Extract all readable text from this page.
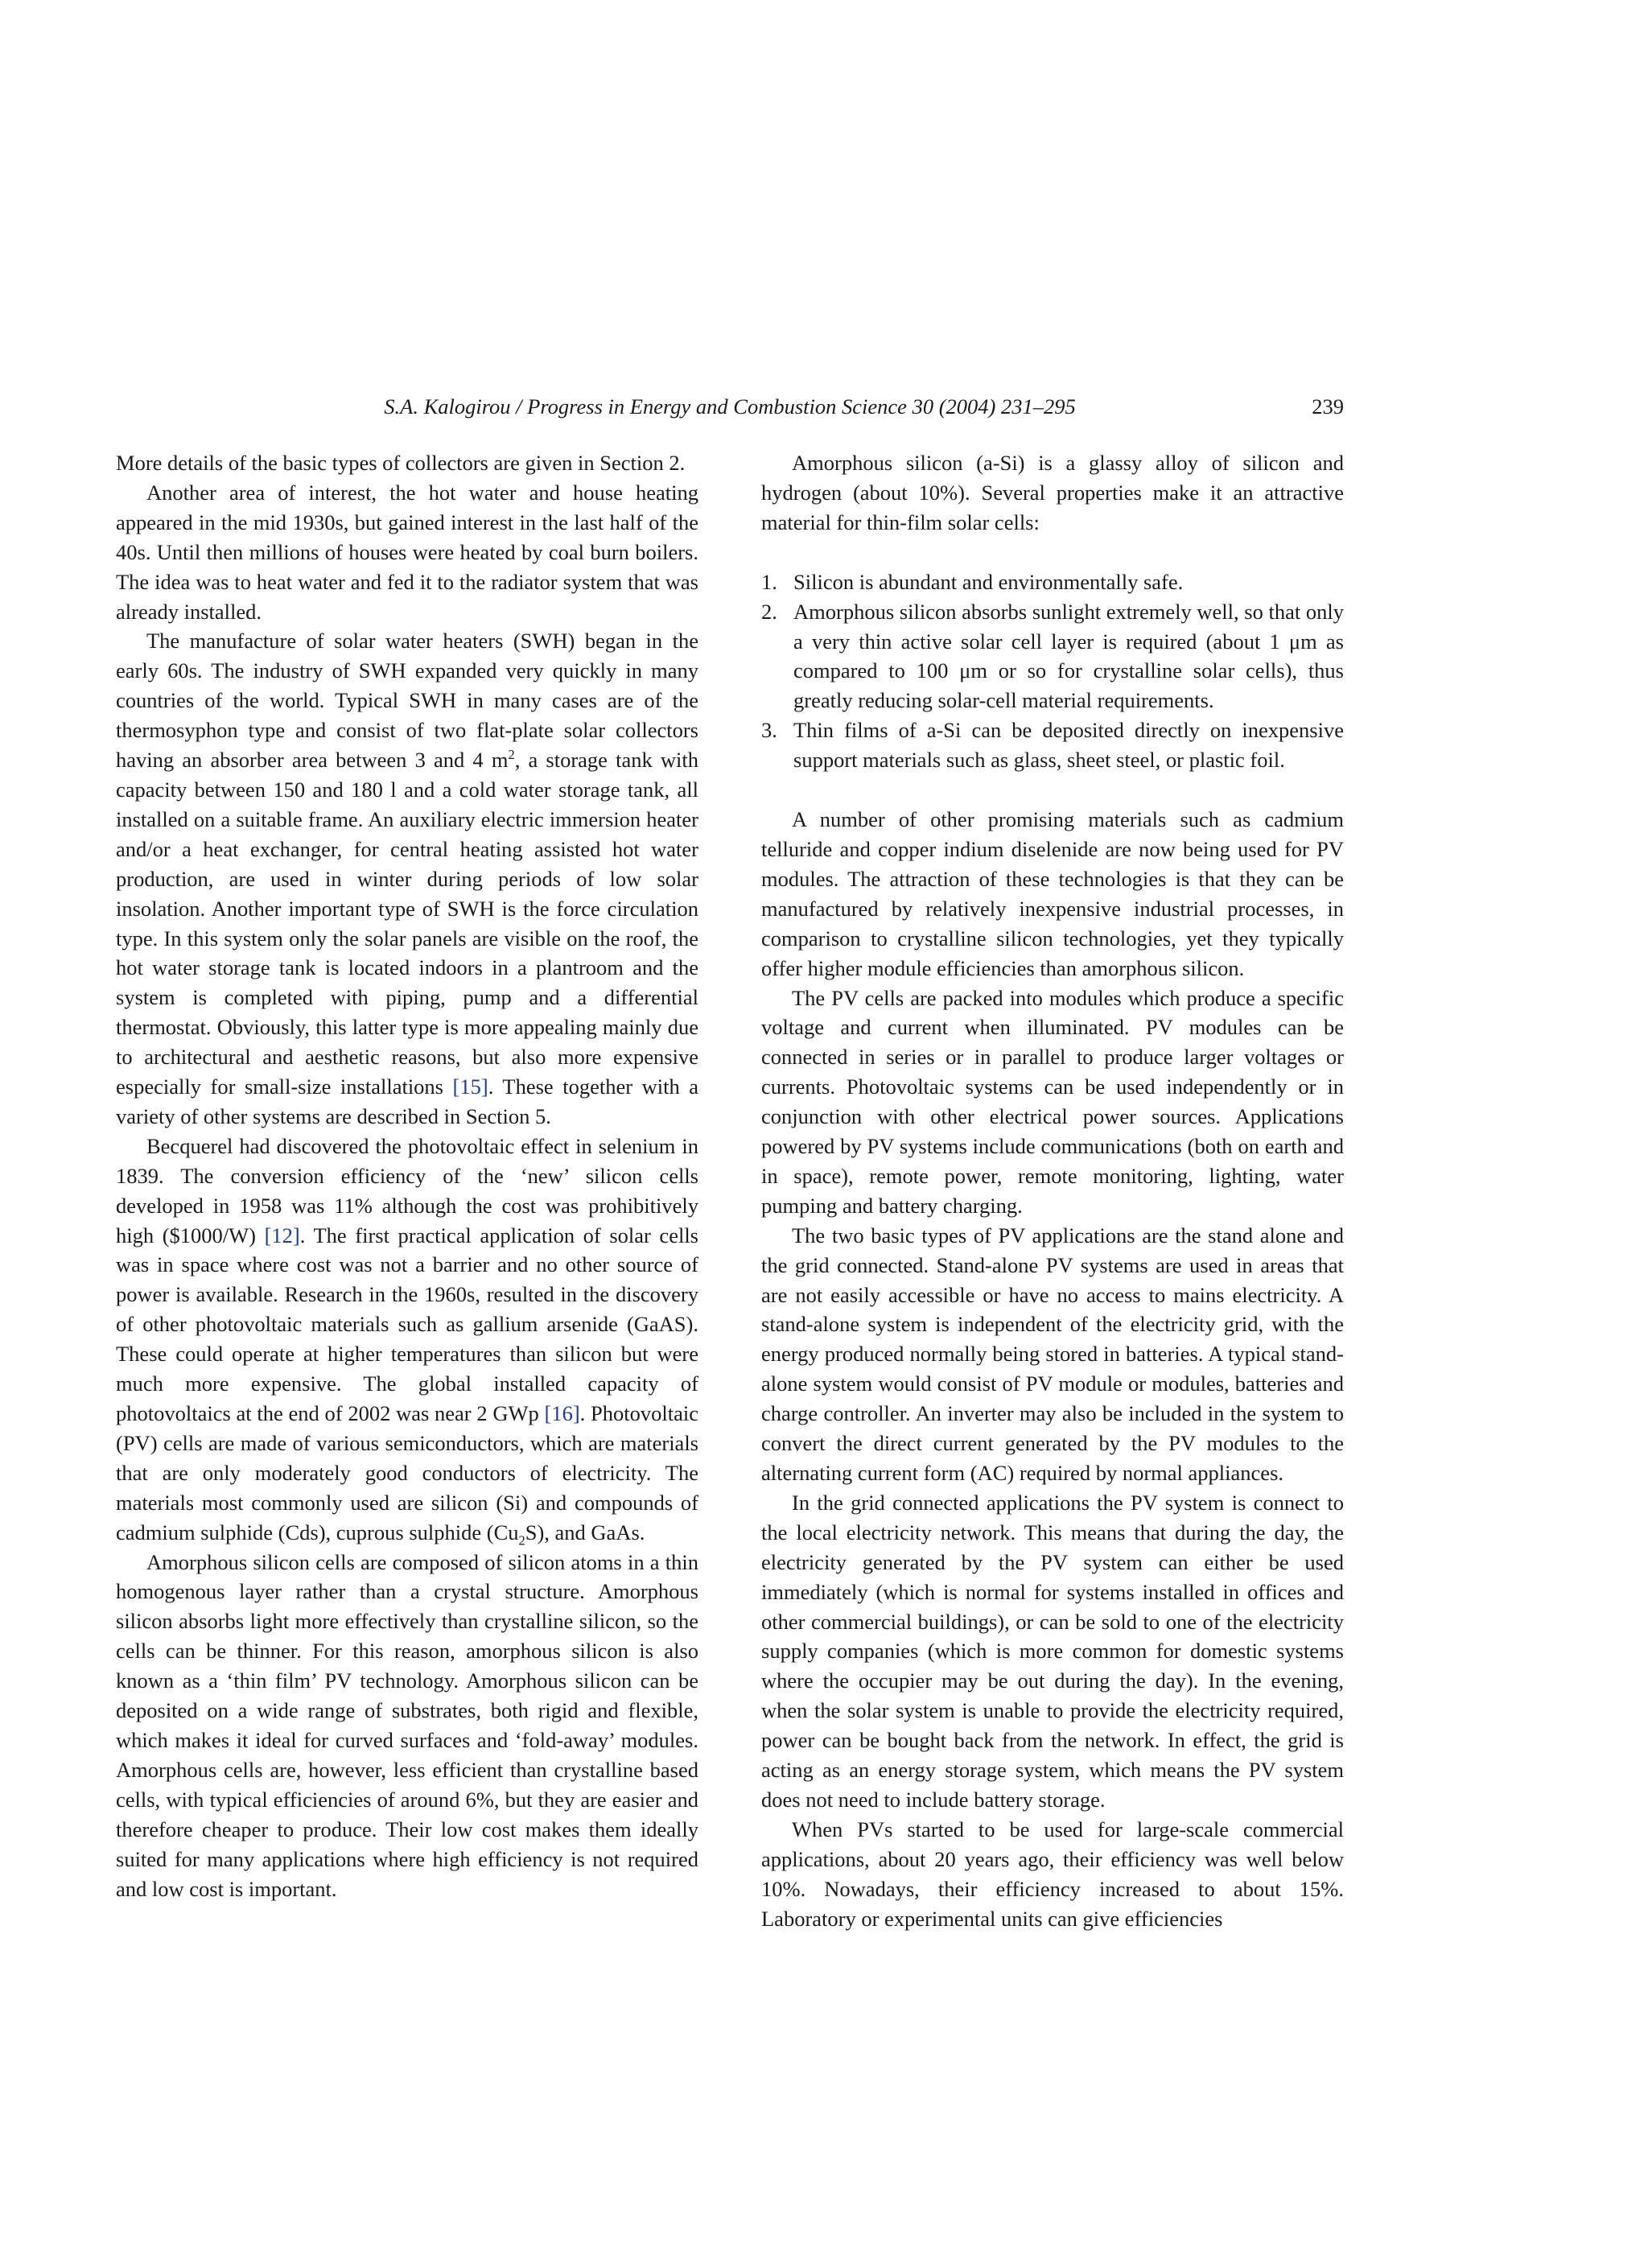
S.A. Kalogirou / Progress in Energy and Combustion Science 30 (2004) 231–295	239

More details of the basic types of collectors are given in Section 2.

Another area of interest, the hot water and house heating appeared in the mid 1930s, but gained interest in the last half of the 40s. Until then millions of houses were heated by coal burn boilers. The idea was to heat water and fed it to the radiator system that was already installed.

The manufacture of solar water heaters (SWH) began in the early 60s. The industry of SWH expanded very quickly in many countries of the world. Typical SWH in many cases are of the thermosyphon type and consist of two flat-plate solar collectors having an absorber area between 3 and 4 $m^2$, a storage tank with capacity between 150 and 180 l and a cold water storage tank, all installed on a suitable frame. An auxiliary electric immersion heater and/or a heat exchanger, for central heating assisted hot water production, are used in winter during periods of low solar insolation. Another important type of SWH is the force circulation type. In this system only the solar panels are visible on the roof, the hot water storage tank is located indoors in a plantroom and the system is completed with piping, pump and a differential thermostat. Obviously, this latter type is more appealing mainly due to architectural and aesthetic reasons, but also more expensive especially for small-size installations [15]. These together with a variety of other systems are described in Section 5.

Becquerel had discovered the photovoltaic effect in selenium in 1839. The conversion efficiency of the ‘new’ silicon cells developed in 1958 was 11% although the cost was prohibitively high ($1000/W) [12]. The first practical application of solar cells was in space where cost was not a barrier and no other source of power is available. Research in the 1960s, resulted in the discovery of other photovoltaic materials such as gallium arsenide (GaAS). These could operate at higher temperatures than silicon but were much more expensive. The global installed capacity of photovoltaics at the end of 2002 was near 2 GWp [16]. Photovoltaic (PV) cells are made of various semiconductors, which are materials that are only moderately good conductors of electricity. The materials most commonly used are silicon (Si) and compounds of cadmium sulphide (Cds), cuprous sulphide $(Cu_2S)$, and GaAs.

Amorphous silicon cells are composed of silicon atoms in a thin homogenous layer rather than a crystal structure. Amorphous silicon absorbs light more effectively than crystalline silicon, so the cells can be thinner. For this reason, amorphous silicon is also known as a ‘thin film’ PV technology. Amorphous silicon can be deposited on a wide range of substrates, both rigid and flexible, which makes it ideal for curved surfaces and ‘fold-away’ modules. Amorphous cells are, however, less efficient than crystalline based cells, with typical efficiencies of around 6%, but they are easier and therefore cheaper to produce. Their low cost makes them ideally suited for many applications where high efficiency is not required and low cost is important.

Amorphous silicon (a-Si) is a glassy alloy of silicon and hydrogen (about 10%). Several properties make it an attractive material for thin-film solar cells:

1. Silicon is abundant and environmentally safe.
2. Amorphous silicon absorbs sunlight extremely well, so that only a very thin active solar cell layer is required (about 1 μm as compared to 100 μm or so for crystalline solar cells), thus greatly reducing solar-cell material requirements.
3. Thin films of a-Si can be deposited directly on inexpensive support materials such as glass, sheet steel, or plastic foil.

A number of other promising materials such as cadmium telluride and copper indium diselenide are now being used for PV modules. The attraction of these technologies is that they can be manufactured by relatively inexpensive industrial processes, in comparison to crystalline silicon technologies, yet they typically offer higher module efficiencies than amorphous silicon.

The PV cells are packed into modules which produce a specific voltage and current when illuminated. PV modules can be connected in series or in parallel to produce larger voltages or currents. Photovoltaic systems can be used independently or in conjunction with other electrical power sources. Applications powered by PV systems include communications (both on earth and in space), remote power, remote monitoring, lighting, water pumping and battery charging.

The two basic types of PV applications are the stand alone and the grid connected. Stand-alone PV systems are used in areas that are not easily accessible or have no access to mains electricity. A stand-alone system is independent of the electricity grid, with the energy produced normally being stored in batteries. A typical stand-alone system would consist of PV module or modules, batteries and charge controller. An inverter may also be included in the system to convert the direct current generated by the PV modules to the alternating current form (AC) required by normal appliances.

In the grid connected applications the PV system is connect to the local electricity network. This means that during the day, the electricity generated by the PV system can either be used immediately (which is normal for systems installed in offices and other commercial buildings), or can be sold to one of the electricity supply companies (which is more common for domestic systems where the occupier may be out during the day). In the evening, when the solar system is unable to provide the electricity required, power can be bought back from the network. In effect, the grid is acting as an energy storage system, which means the PV system does not need to include battery storage.

When PVs started to be used for large-scale commercial applications, about 20 years ago, their efficiency was well below 10%. Nowadays, their efficiency increased to about 15%. Laboratory or experimental units can give efficiencies
